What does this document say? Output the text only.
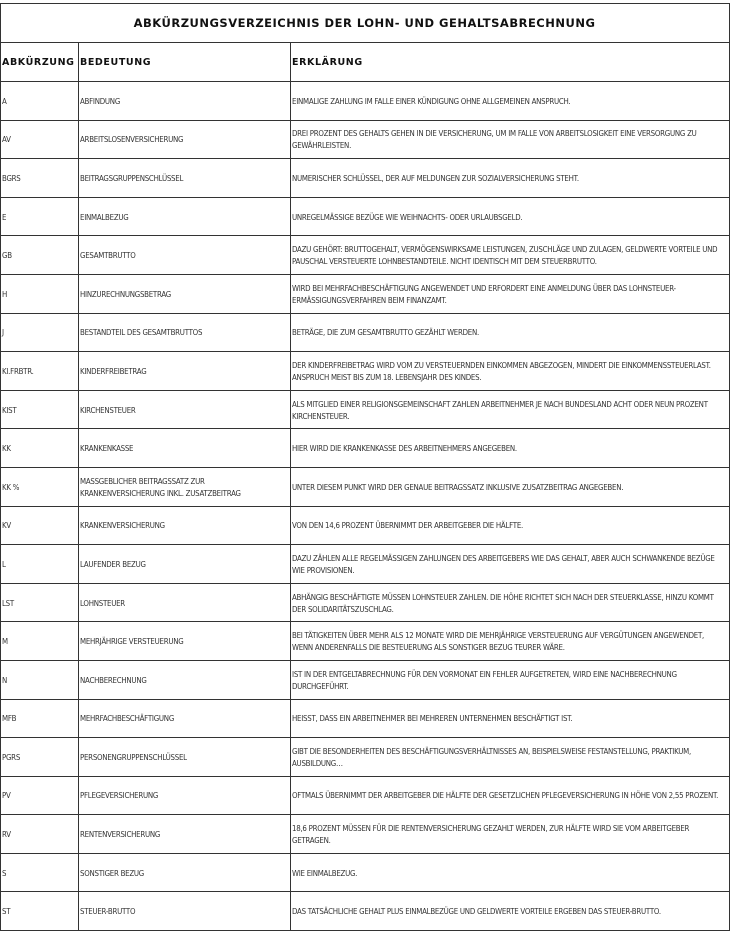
ABKÜRZUNGSVERZEICHNIS DER LOHN- UND GEHALTSABRECHNUNG		
ABKÜRZUNG	BEDEUTUNG	ERKLÄRUNG
A	ABFINDUNG	EINMALIGE ZAHLUNG IM FALLE EINER KÜNDIGUNG OHNE ALLGEMEINEN ANSPRUCH.
AV	ARBEITSLOSENVERSICHERUNG	DREI PROZENT DES GEHALTS GEHEN IN DIE VERSICHERUNG, UM IM FALLE VON ARBEITSLOSIGKEIT EINE VERSORGUNG ZU GEWÄHRLEISTEN.
BGRS	BEITRAGSGRUPPENSCHLÜSSEL	NUMERISCHER SCHLÜSSEL, DER AUF MELDUNGEN ZUR SOZIALVERSICHERUNG STEHT.
E	EINMALBEZUG	UNREGELMÄSSIGE BEZÜGE WIE WEIHNACHTS- ODER URLAUBSGELD.
GB	GESAMTBRUTTO	DAZU GEHÖRT: BRUTTOGEHALT, VERMÖGENSWIRKSAME LEISTUNGEN, ZUSCHLÄGE UND ZULAGEN, GELDWERTE VORTEILE UND PAUSCHAL VERSTEUERTE LOHNBESTANDTEILE. NICHT IDENTISCH MIT DEM STEUERBRUTTO.
H	HINZURECHNUNGSBETRAG	WIRD BEI MEHRFACHBESCHÄFTIGUNG ANGEWENDET UND ERFORDERT EINE ANMELDUNG ÜBER DAS LOHNSTEUER-ERMÄSSIGUNGSVERFAHREN BEIM FINANZAMT.
J	BESTANDTEIL DES GESAMTBRUTTOS	BETRÄGE, DIE ZUM GESAMTBRUTTO GEZÄHLT WERDEN.
KI.FRBTR.	KINDERFREIBETRAG	DER KINDERFREIBETRAG WIRD VOM ZU VERSTEUERNDEN EINKOMMEN ABGEZOGEN, MINDERT DIE EINKOMMENSSTEUERLAST. ANSPRUCH MEIST BIS ZUM 18. LEBENSJAHR DES KINDES.
KIST	KIRCHENSTEUER	ALS MITGLIED EINER RELIGIONSGEMEINSCHAFT ZAHLEN ARBEITNEHMER JE NACH BUNDESLAND ACHT ODER NEUN PROZENT KIRCHENSTEUER.
KK	KRANKENKASSE	HIER WIRD DIE KRANKENKASSE DES ARBEITNEHMERS ANGEGEBEN.
KK %	MASSGEBLICHER BEITRAGSSATZ ZUR KRANKENVERSICHERUNG INKL. ZUSATZBEITRAG	UNTER DIESEM PUNKT WIRD DER GENAUE BEITRAGSSATZ INKLUSIVE ZUSATZBEITRAG ANGEGEBEN.
KV	KRANKENVERSICHERUNG	VON DEN 14,6 PROZENT ÜBERNIMMT DER ARBEITGEBER DIE HÄLFTE.
L	LAUFENDER BEZUG	DAZU ZÄHLEN ALLE REGELMÄSSIGEN ZAHLUNGEN DES ARBEITGEBERS WIE DAS GEHALT, ABER AUCH SCHWANKENDE BEZÜGE WIE PROVISIONEN.
LST	LOHNSTEUER	ABHÄNGIG BESCHÄFTIGTE MÜSSEN LOHNSTEUER ZAHLEN. DIE HÖHE RICHTET SICH NACH DER STEUERKLASSE, HINZU KOMMT DER SOLIDARITÄTSZUSCHLAG.
M	MEHRJÄHRIGE VERSTEUERUNG	BEI TÄTIGKEITEN ÜBER MEHR ALS 12 MONATE WIRD DIE MEHRJÄHRIGE VERSTEUERUNG AUF VERGÜTUNGEN ANGEWENDET, WENN ANDERENFALLS DIE BESTEUERUNG ALS SONSTIGER BEZUG TEURER WÄRE.
N	NACHBERECHNUNG	IST IN DER ENTGELTABRECHNUNG FÜR DEN VORMONAT EIN FEHLER AUFGETRETEN, WIRD EINE NACHBERECHNUNG DURCHGEFÜHRT.
MFB	MEHRFACHBESCHÄFTIGUNG	HEISST, DASS EIN ARBEITNEHMER BEI MEHREREN UNTERNEHMEN BESCHÄFTIGT IST.
PGRS	PERSONENGRUPPENSCHLÜSSEL	GIBT DIE BESONDERHEITEN DES BESCHÄFTIGUNGSVERHÄLTNISSES AN, BEISPIELSWEISE FESTANSTELLUNG, PRAKTIKUM, AUSBILDUNG…
PV	PFLEGEVERSICHERUNG	OFTMALS ÜBERNIMMT DER ARBEITGEBER DIE HÄLFTE DER GESETZLICHEN PFLEGEVERSICHERUNG IN HÖHE VON 2,55 PROZENT.
RV	RENTENVERSICHERUNG	18,6 PROZENT MÜSSEN FÜR DIE RENTENVERSICHERUNG GEZAHLT WERDEN, ZUR HÄLFTE WIRD SIE VOM ARBEITGEBER GETRAGEN.
S	SONSTIGER BEZUG	WIE EINMALBEZUG.
ST	STEUER-BRUTTO	DAS TATSÄCHLICHE GEHALT PLUS EINMALBEZÜGE UND GELDWERTE VORTEILE ERGEBEN DAS STEUER-BRUTTO.
